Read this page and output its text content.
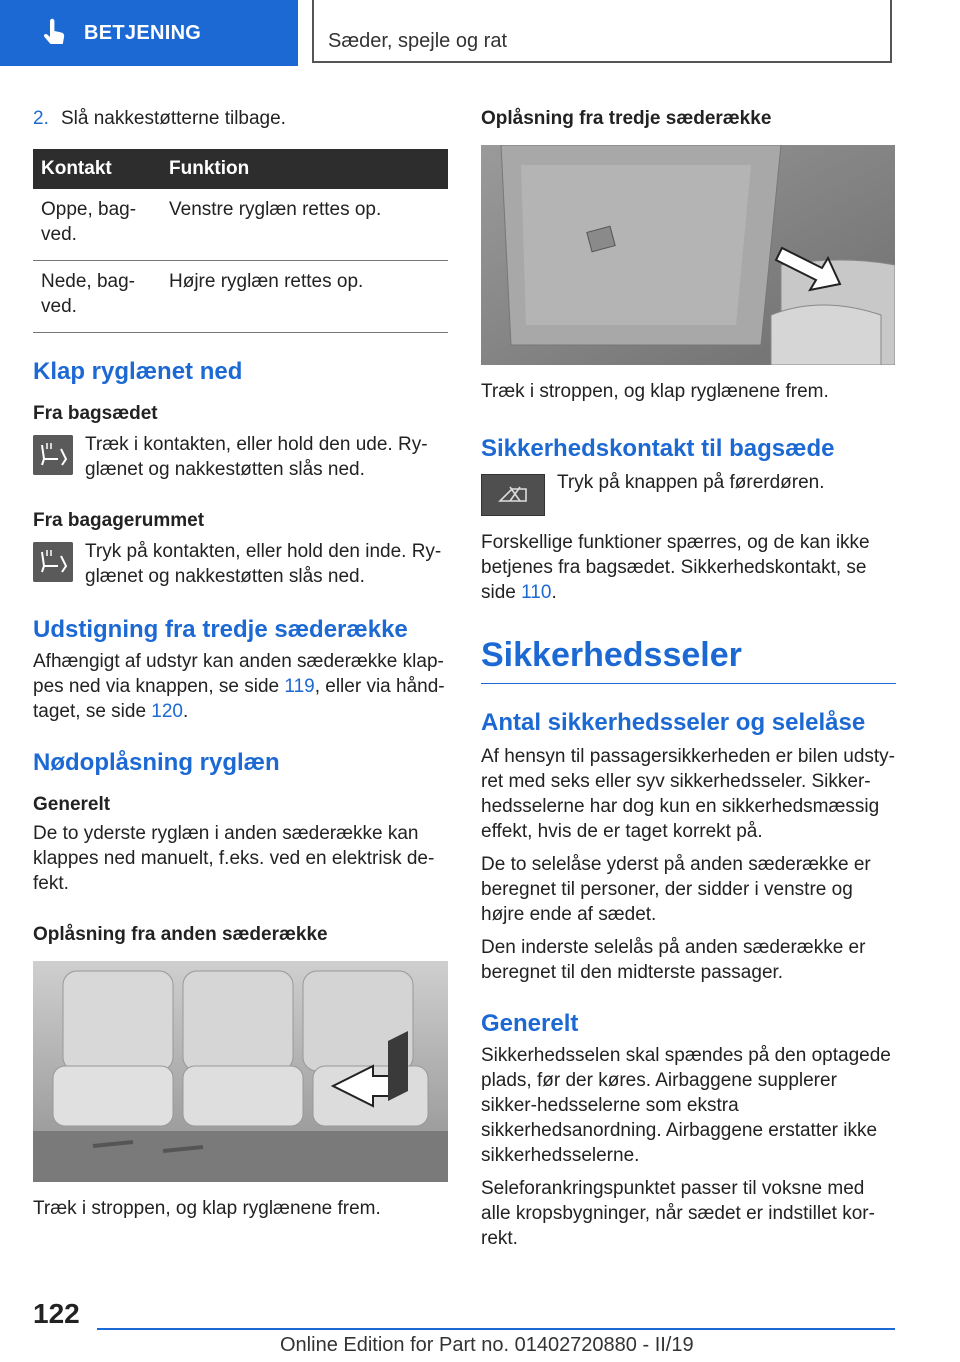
BETJENING	Sæder, spejle og rat
2. Slå nakkestøtterne tilbage.
Kontakt	Funktion
Oppe, bag-ved.	Venstre ryglæn rettes op.
Nede, bag-ved.	Højre ryglæn rettes op.
Klap ryglænet ned
Fra bagsædet

Træk i kontakten, eller hold den ude. Ry-glænet og nakkestøtten slås ned.

Fra bagagerummet

Tryk på kontakten, eller hold den inde. Ry-glænet og nakkestøtten slås ned.

Udstigning fra tredje sæderække

Afhængigt af udstyr kan anden sæderække klap-pes ned via knappen, se side 119, eller via hånd-taget, se side 120.

Nødoplåsning ryglæn
Generelt

De to yderste ryglæn i anden sæderække kan klappes ned manuelt, f.eks. ved en elektrisk de-fekt.

Oplåsning fra anden sæderække

Træk i stroppen, og klap ryglænene frem.

Oplåsning fra tredje sæderække

Træk i stroppen, og klap ryglænene frem.

Sikkerhedskontakt til bagsæde

Tryk på knappen på førerdøren.

Forskellige funktioner spærres, og de kan ikke betjenes fra bagsædet. Sikkerhedskontakt, se side 110.

Sikkerhedsseler
Antal sikkerhedsseler og selelåse

Af hensyn til passagersikkerheden er bilen udsty-ret med seks eller syv sikkerhedsseler. Sikker-hedsselerne har dog kun en sikkerhedsmæssig effekt, hvis de er taget korrekt på.

De to selelåse yderst på anden sæderække er beregnet til personer, der sidder i venstre og højre ende af sædet.

Den inderste selelås på anden sæderække er beregnet til den midterste passager.

Generelt

Sikkerhedsselen skal spændes på den optagede plads, før der køres. Airbaggene supplerer sikker-hedsselerne som ekstra sikkerhedsanordning. Airbaggene erstatter ikke sikkerhedsselerne.

Seleforankringspunktet passer til voksne med alle kropsbygninger, når sædet er indstillet kor-rekt.

122
Online Edition for Part no. 01402720880 - II/19
